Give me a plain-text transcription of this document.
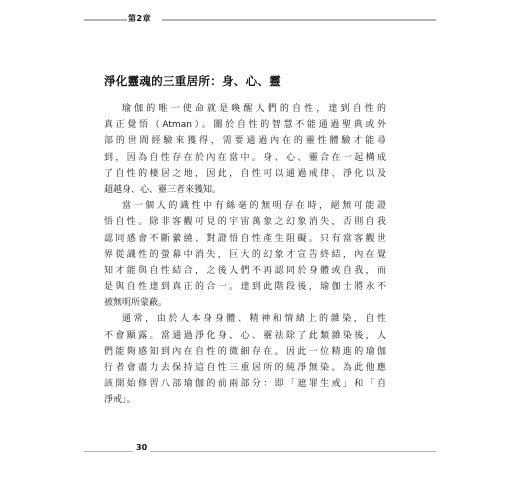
第2章
淨化靈魂的三重居所：身、心、靈
瑜伽的唯一使命就是喚醒人們的自性，達到自性的
真正覺悟（Atman）。關於自性的智慧不能通過聖典或外
部的世間經驗來獲得，需要通過內在的靈性體驗才能尋
到，因為自性存在於內在當中。身、心、靈合在一起構成
了自性的棲居之地，因此，自性可以通過戒律、淨化以及
超越身、心、靈三者來獲知。
當一個人的識性中有絲毫的無明存在時，絕無可能證
悟自性。除非客觀可見的宇宙萬象之幻象消失，否則自我
認同感會不斷縈繞、對證悟自性產生阻礙。只有當客觀世
界從識性的螢幕中消失，巨大的幻象才宣告終結，內在覺
知才能與自性結合，之後人們不再認同於身體或自我，而
是與自性達到真正的合一。達到此階段後，瑜伽士將永不
被無明所蒙蔽。
通常，由於人本身身體、精神和情緒上的雜染，自性
不會顯露。當通過淨化身、心、靈祛除了此類雜染後，人
們能夠感知到內在自性的微細存在。因此一位精進的瑜伽
行者會盡力去保持這自性三重居所的純淨無染。為此他應
該開始修習八部瑜伽的前兩部分：即「遮罪生戒」和「自
淨戒」。
30
